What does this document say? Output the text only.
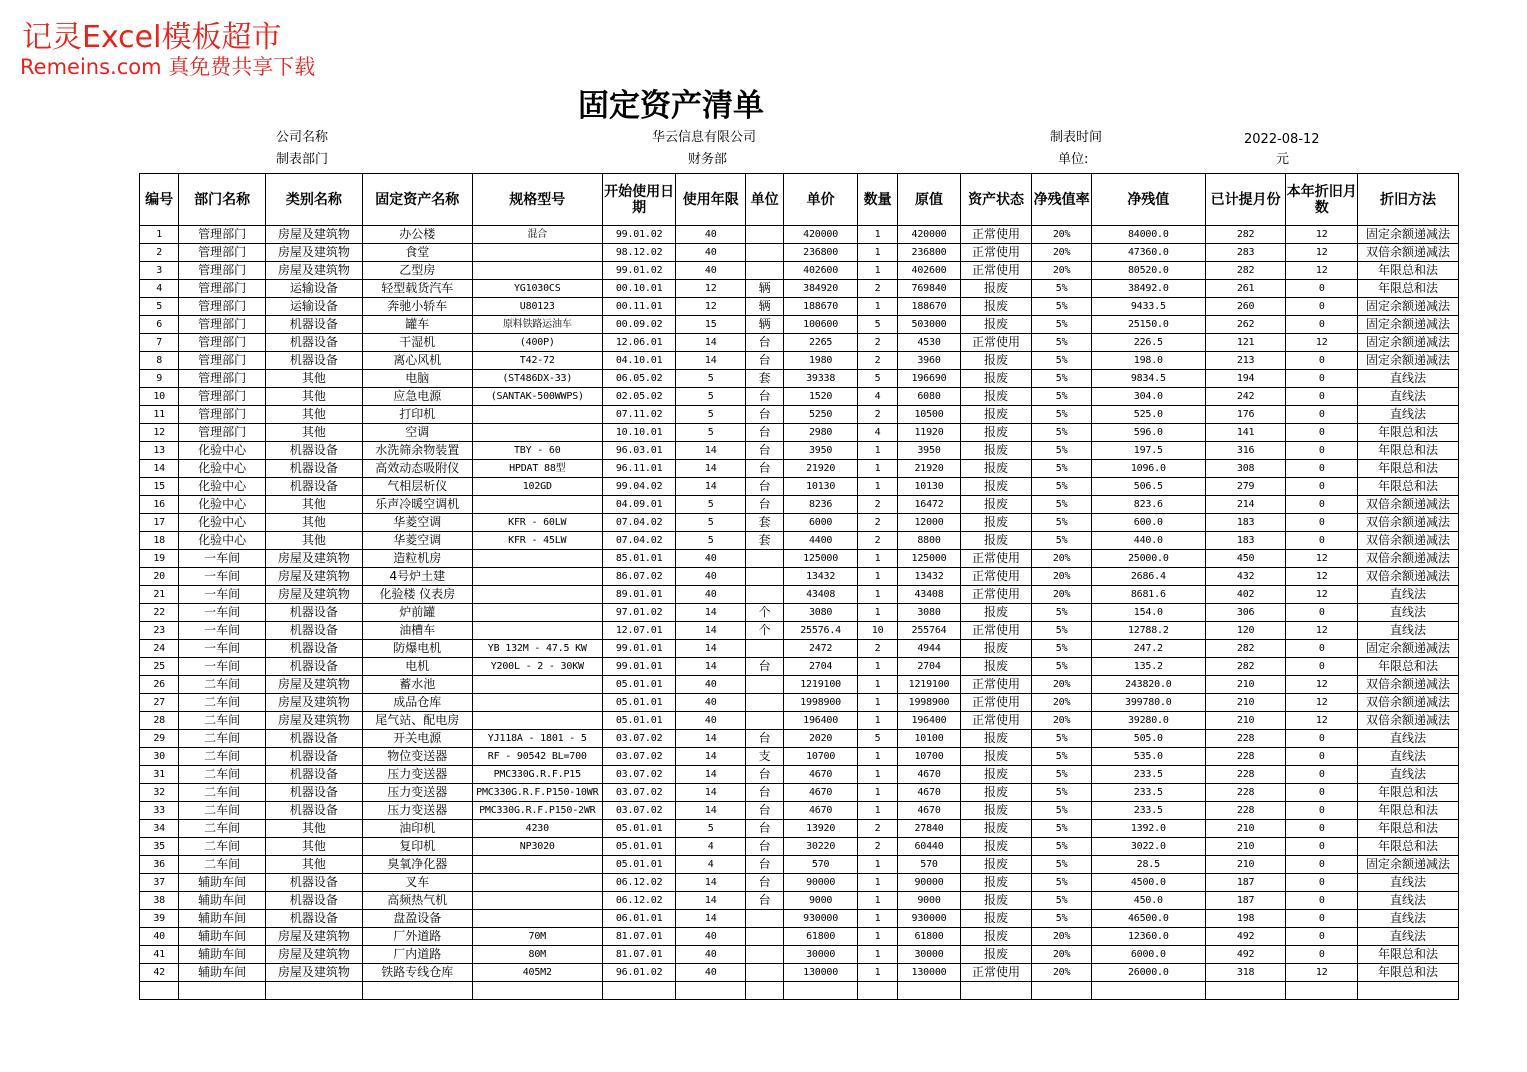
记灵Excel模板超市
Remeins.com 真免费共享下载
固定资产清单
公司名称	华云信息有限公司	制表时间	2022-08-12
制表部门	财务部	单位:	元
编号	部门名称	类别名称	固定资产名称	规格型号	开始使用日期	使用年限	单位	单价	数量	原值	资产状态	净残值率	净残值	已计提月份	本年折旧月数	折旧方法
1	管理部门	房屋及建筑物	办公楼	混合	99.01.02	40		420000	1	420000	正常使用	20%	84000.0	282	12	固定余额递减法
2	管理部门	房屋及建筑物	食堂		98.12.02	40		236800	1	236800	正常使用	20%	47360.0	283	12	双倍余额递减法
3	管理部门	房屋及建筑物	乙型房		99.01.02	40		402600	1	402600	正常使用	20%	80520.0	282	12	年限总和法
4	管理部门	运输设备	轻型载货汽车	YG1030CS	00.10.01	12	辆	384920	2	769840	报废	5%	38492.0	261	0	年限总和法
5	管理部门	运输设备	奔驰小轿车	U80123	00.11.01	12	辆	188670	1	188670	报废	5%	9433.5	260	0	固定余额递减法
6	管理部门	机器设备	罐车	原料铁路运油车	00.09.02	15	辆	100600	5	503000	报废	5%	25150.0	262	0	固定余额递减法
7	管理部门	机器设备	干湿机	(400P)	12.06.01	14	台	2265	2	4530	正常使用	5%	226.5	121	12	固定余额递减法
8	管理部门	机器设备	离心风机	T42-72	04.10.01	14	台	1980	2	3960	报废	5%	198.0	213	0	固定余额递减法
9	管理部门	其他	电脑	(ST486DX-33)	06.05.02	5	套	39338	5	196690	报废	5%	9834.5	194	0	直线法
10	管理部门	其他	应急电源	(SANTAK-500WWPS)	02.05.02	5	台	1520	4	6080	报废	5%	304.0	242	0	直线法
11	管理部门	其他	打印机		07.11.02	5	台	5250	2	10500	报废	5%	525.0	176	0	直线法
12	管理部门	其他	空调		10.10.01	5	台	2980	4	11920	报废	5%	596.0	141	0	年限总和法
13	化验中心	机器设备	水洗筛余物装置	TBY - 60	96.03.01	14	台	3950	1	3950	报废	5%	197.5	316	0	年限总和法
14	化验中心	机器设备	高效动态吸附仪	HPDAT 88型	96.11.01	14	台	21920	1	21920	报废	5%	1096.0	308	0	年限总和法
15	化验中心	机器设备	气相层析仪	102GD	99.04.02	14	台	10130	1	10130	报废	5%	506.5	279	0	年限总和法
16	化验中心	其他	乐声冷暖空调机		04.09.01	5	台	8236	2	16472	报废	5%	823.6	214	0	双倍余额递减法
17	化验中心	其他	华菱空调	KFR - 60LW	07.04.02	5	套	6000	2	12000	报废	5%	600.0	183	0	双倍余额递减法
18	化验中心	其他	华菱空调	KFR - 45LW	07.04.02	5	套	4400	2	8800	报废	5%	440.0	183	0	双倍余额递减法
19	一车间	房屋及建筑物	造粒机房		85.01.01	40		125000	1	125000	正常使用	20%	25000.0	450	12	双倍余额递减法
20	一车间	房屋及建筑物	4号炉土建		86.07.02	40		13432	1	13432	正常使用	20%	2686.4	432	12	双倍余额递减法
21	一车间	房屋及建筑物	化验楼 仪表房		89.01.01	40		43408	1	43408	正常使用	20%	8681.6	402	12	直线法
22	一车间	机器设备	炉前罐		97.01.02	14	个	3080	1	3080	报废	5%	154.0	306	0	直线法
23	一车间	机器设备	油槽车		12.07.01	14	个	25576.4	10	255764	正常使用	5%	12788.2	120	12	直线法
24	一车间	机器设备	防爆电机	YB 132M - 47.5 KW	99.01.01	14		2472	2	4944	报废	5%	247.2	282	0	固定余额递减法
25	一车间	机器设备	电机	Y200L - 2 - 30KW	99.01.01	14	台	2704	1	2704	报废	5%	135.2	282	0	年限总和法
26	二车间	房屋及建筑物	蓄水池		05.01.01	40		1219100	1	1219100	正常使用	20%	243820.0	210	12	双倍余额递减法
27	二车间	房屋及建筑物	成品仓库		05.01.01	40		1998900	1	1998900	正常使用	20%	399780.0	210	12	双倍余额递减法
28	二车间	房屋及建筑物	尾气站、配电房		05.01.01	40		196400	1	196400	正常使用	20%	39280.0	210	12	双倍余额递减法
29	二车间	机器设备	开关电源	YJ118A - 1801 - 5	03.07.02	14	台	2020	5	10100	报废	5%	505.0	228	0	直线法
30	二车间	机器设备	物位变送器	RF - 90542 BL=700	03.07.02	14	支	10700	1	10700	报废	5%	535.0	228	0	直线法
31	二车间	机器设备	压力变送器	PMC330G.R.F.P15	03.07.02	14	台	4670	1	4670	报废	5%	233.5	228	0	直线法
32	二车间	机器设备	压力变送器	PMC330G.R.F.P150-10WR	03.07.02	14	台	4670	1	4670	报废	5%	233.5	228	0	年限总和法
33	二车间	机器设备	压力变送器	PMC330G.R.F.P150-2WR	03.07.02	14	台	4670	1	4670	报废	5%	233.5	228	0	年限总和法
34	二车间	其他	油印机	4230	05.01.01	5	台	13920	2	27840	报废	5%	1392.0	210	0	年限总和法
35	二车间	其他	复印机	NP3020	05.01.01	4	台	30220	2	60440	报废	5%	3022.0	210	0	年限总和法
36	二车间	其他	臭氧净化器		05.01.01	4	台	570	1	570	报废	5%	28.5	210	0	固定余额递减法
37	辅助车间	机器设备	叉车		06.12.02	14	台	90000	1	90000	报废	5%	4500.0	187	0	直线法
38	辅助车间	机器设备	高频热气机		06.12.02	14	台	9000	1	9000	报废	5%	450.0	187	0	直线法
39	辅助车间	机器设备	盘盈设备		06.01.01	14		930000	1	930000	报废	5%	46500.0	198	0	直线法
40	辅助车间	房屋及建筑物	厂外道路	70M	81.07.01	40		61800	1	61800	报废	20%	12360.0	492	0	直线法
41	辅助车间	房屋及建筑物	厂内道路	80M	81.07.01	40		30000	1	30000	报废	20%	6000.0	492	0	年限总和法
42	辅助车间	房屋及建筑物	铁路专线仓库	405M2	96.01.02	40		130000	1	130000	正常使用	20%	26000.0	318	12	年限总和法
